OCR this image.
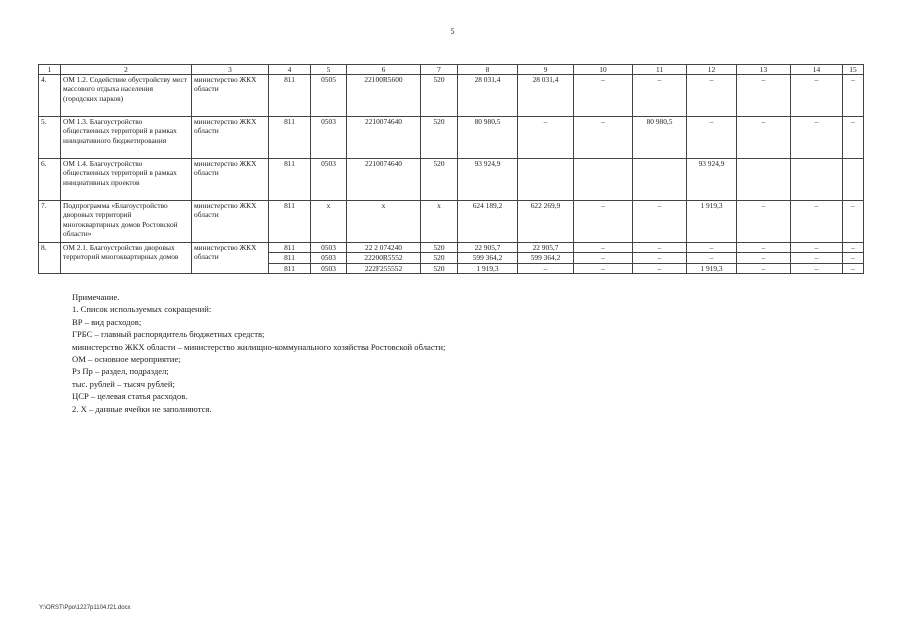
5
1	2	3	4	5	6	7	8	9	10	11	12	13	14	15
4.	ОМ 1.2. Содействие обустройству мест массового отдыха населения (городских парков)	министерство ЖКХ области	811	0505	22100R5600	520	28 031,4	28 031,4	–	–	–	–	–	–
5.	ОМ 1.3. Благоустройство общественных территорий в рамках инициативного бюджетирования	министерство ЖКХ области	811	0503	2210074640	520	80 980,5	–	–	80 980,5	–	–	–	–
6.	ОМ 1.4. Благоустройство общественных территорий в рамках инициативных проектов	министерство ЖКХ области	811	0503	2210074640	520	93 924,9				93 924,9			
7.	Подпрограмма «Благоустройство дворовых территорий многоквартирных домов Ростовской области»	министерство ЖКХ области	811	х	х	х	624 189,2	622 269,9	–	–	1 919,3	–	–	–
8.	ОМ 2.1. Благоустройство дворовых территорий многоквартирных домов	министерство ЖКХ области	811	0503	22 2 074240	520	22 905,7	22 905,7	–	–	–	–	–	–
			811	0503	22200R5552	520	599 364,2	599 364,2	–	–	–	–	–	–
			811	0503	222F255552	520	1 919,3	–	–	–	1 919,3	–	–	–
Примечание.
1. Список используемых сокращений:
ВР – вид расходов;
ГРБС – главный распорядитель бюджетных средств;
министерство ЖКХ области – министерство жилищно-коммунального хозяйства Ростовской области;
ОМ – основное мероприятие;
Рз Пр – раздел, подраздел;
тыс. рублей – тысяч рублей;
ЦСР – целевая статья расходов.
2. Х – данные ячейки не заполняются.
Y:\ORST\Ppo\1227p1104.f21.docx
